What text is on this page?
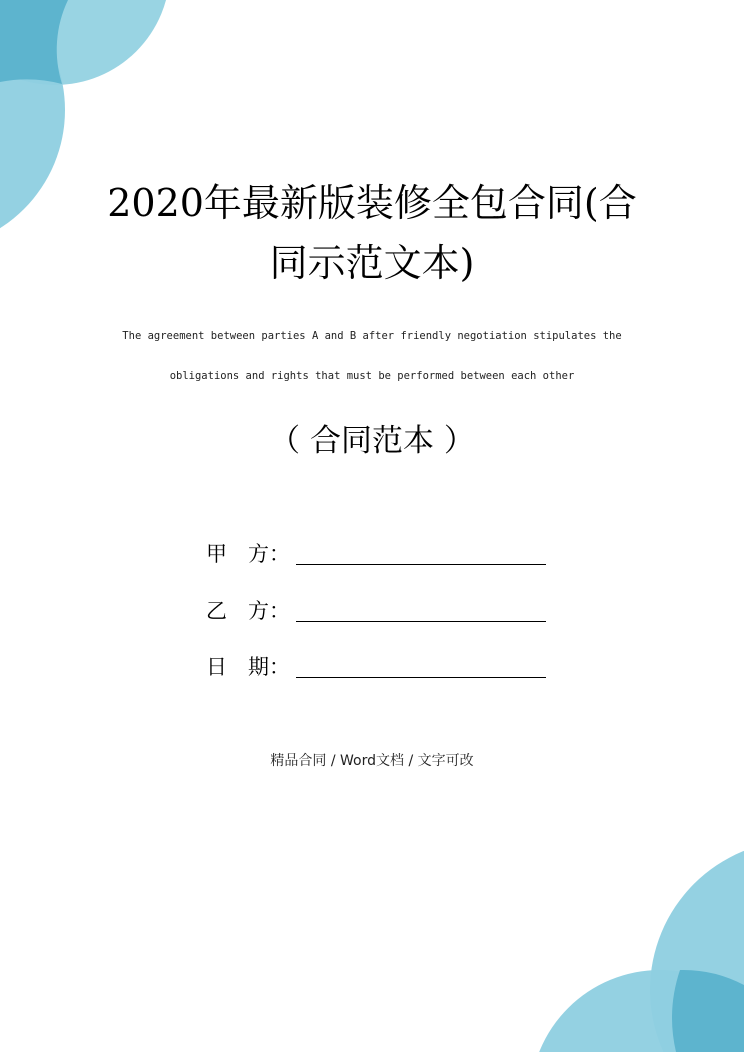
2020年最新版装修全包合同(合
同示范文本)
The agreement between parties A and B after friendly negotiation stipulates the
obligations and rights that must be performed between each other
（ 合同范本 ）
甲　方：
乙　方：
日　期：
精品合同 / Word文档 / 文字可改
